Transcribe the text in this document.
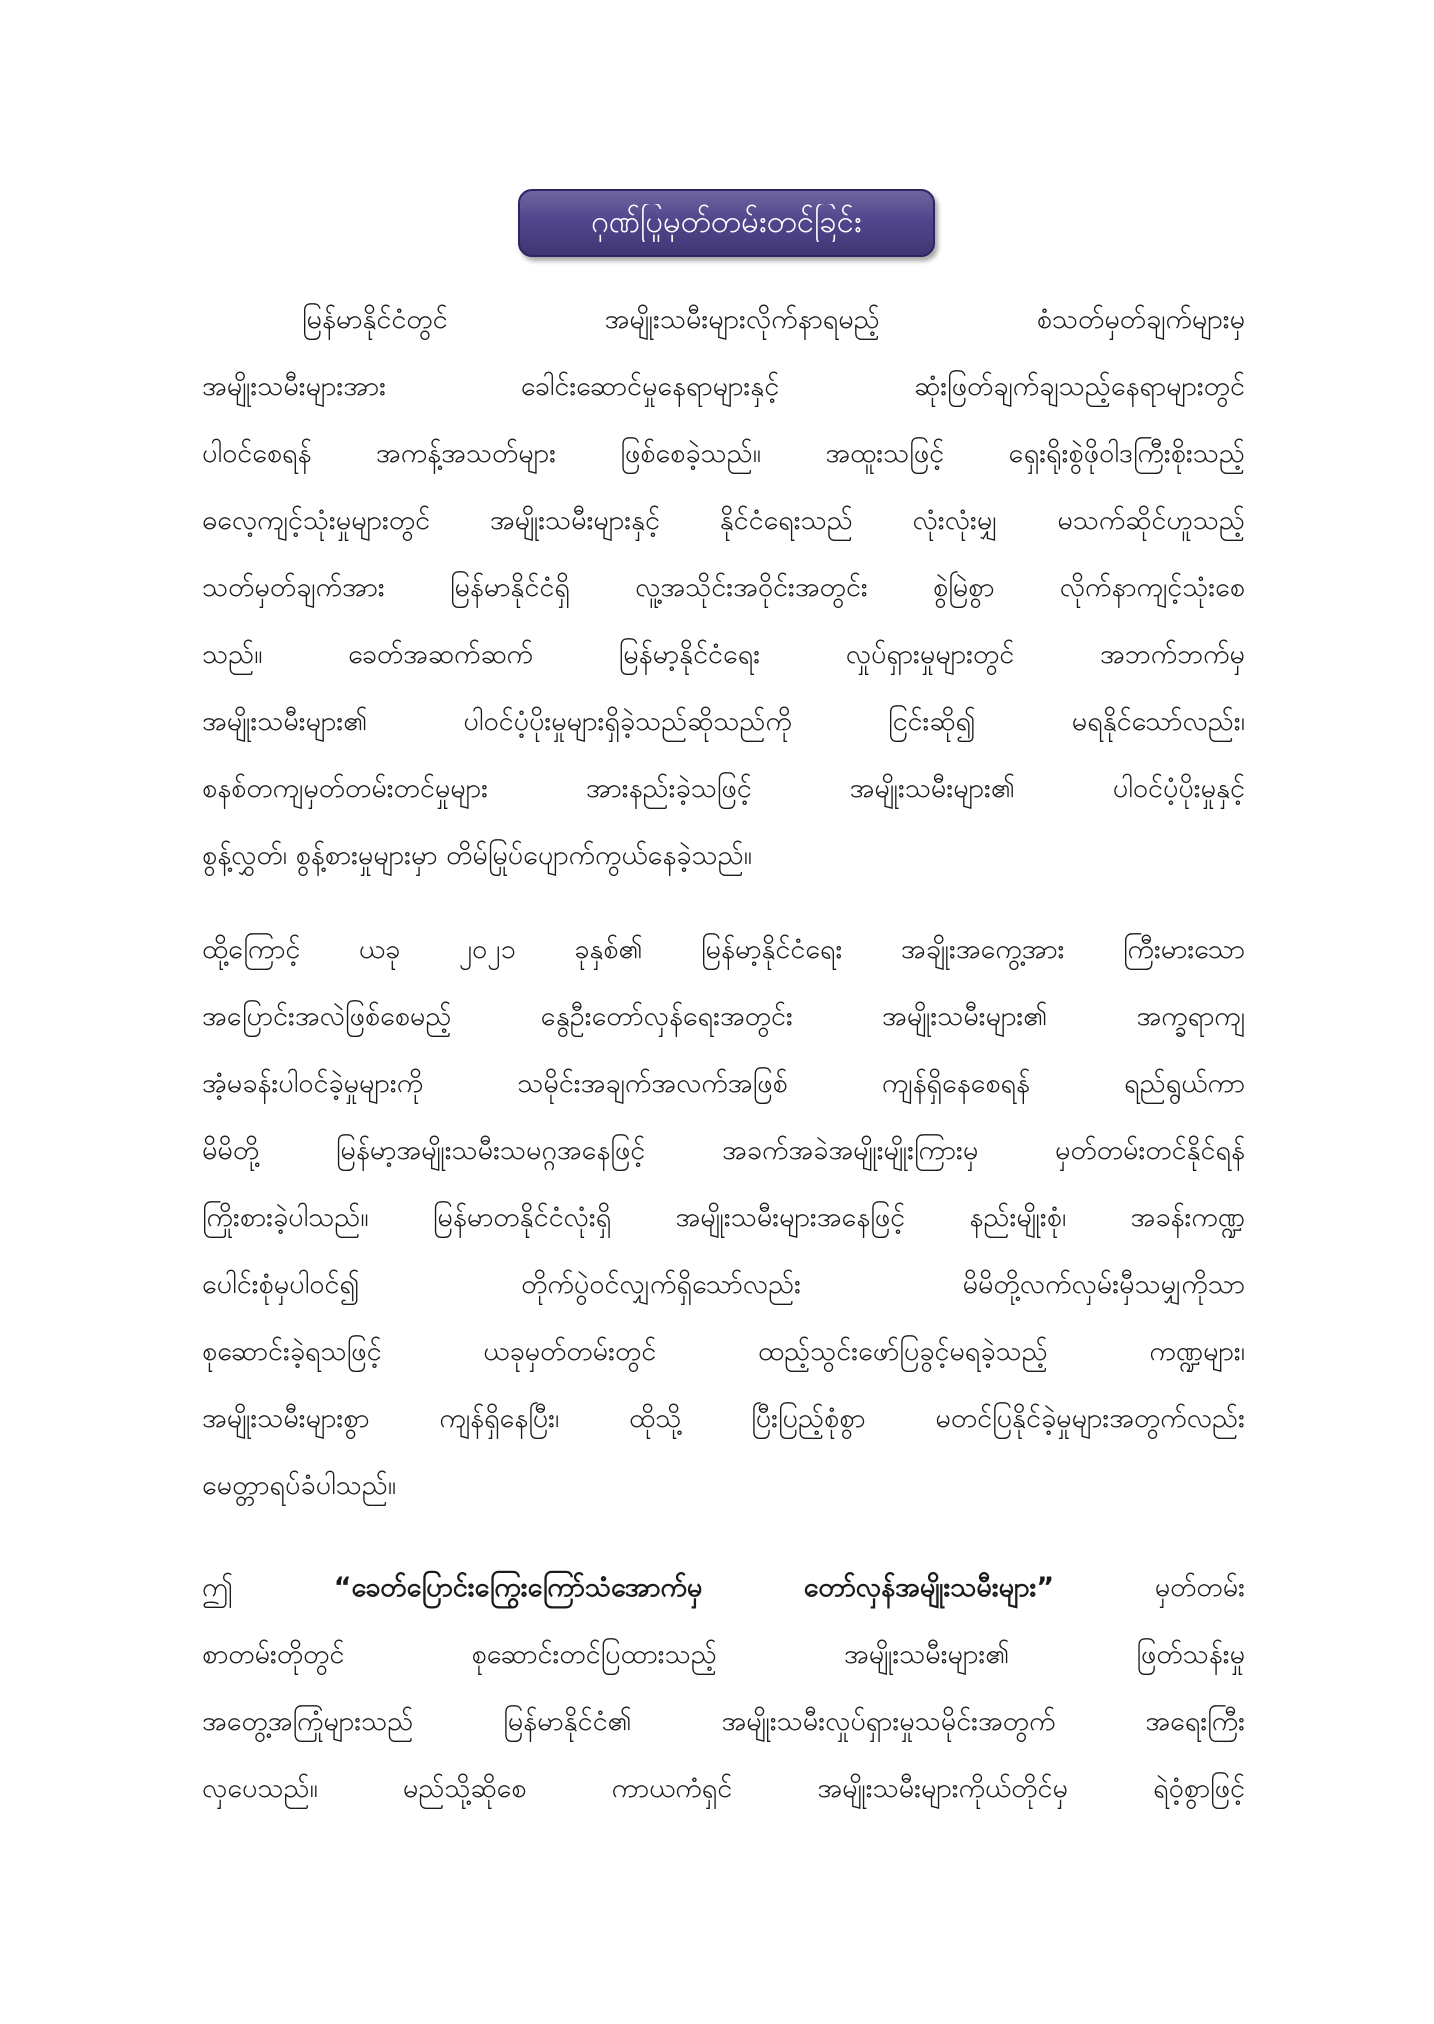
ဂုဏ်ပြုမှတ်တမ်းတင်ခြင်း
မြန်မာနိုင်ငံတွင် အမျိုးသမီးများလိုက်နာရမည့် စံသတ်မှတ်ချက်များမှ
အမျိုးသမီးများအား ခေါင်းဆောင်မှုနေရာများနှင့် ဆုံးဖြတ်ချက်ချသည့်နေရာများတွင်
ပါဝင်စေရန် အကန့်အသတ်များ ဖြစ်စေခဲ့သည်။ အထူးသဖြင့် ရှေးရိုးစွဲဖိုဝါဒကြီးစိုးသည့်
ဓလေ့ကျင့်သုံးမှုများတွင် အမျိုးသမီးများနှင့် နိုင်ငံရေးသည် လုံးလုံးမျှ မသက်ဆိုင်ဟူသည့်
သတ်မှတ်ချက်အား မြန်မာနိုင်ငံရှိ လူ့အသိုင်းအဝိုင်းအတွင်း စွဲမြဲစွာ လိုက်နာကျင့်သုံးစေ
သည်။ ခေတ်အဆက်ဆက် မြန်မာ့နိုင်ငံရေး လှုပ်ရှားမှုများတွင် အဘက်ဘက်မှ
အမျိုးသမီးများ၏ ပါဝင်ပံ့ပိုးမှုများရှိခဲ့သည်ဆိုသည်ကို ငြင်းဆို၍ မရနိုင်သော်လည်း၊
စနစ်တကျမှတ်တမ်းတင်မှုများ အားနည်းခဲ့သဖြင့် အမျိုးသမီးများ၏ ပါဝင်ပံ့ပိုးမှုနှင့်
စွန့်လွှတ်၊ စွန့်စားမှုများမှာ တိမ်မြုပ်ပျောက်ကွယ်နေခဲ့သည်။
ထို့ကြောင့် ယခု ၂၀၂၁ ခုနှစ်၏ မြန်မာ့နိုင်ငံရေး အချိုးအကွေ့အား ကြီးမားသော
အပြောင်းအလဲဖြစ်စေမည့် နွေဦးတော်လှန်ရေးအတွင်း အမျိုးသမီးများ၏ အက္ခရာကျ
အံ့မခန်းပါဝင်ခဲ့မှုများကို သမိုင်းအချက်အလက်အဖြစ် ကျန်ရှိနေစေရန် ရည်ရွယ်ကာ
မိမိတို့ မြန်မာ့အမျိုးသမီးသမဂ္ဂအနေဖြင့် အခက်အခဲအမျိုးမျိုးကြားမှ မှတ်တမ်းတင်နိုင်ရန်
ကြိုးစားခဲ့ပါသည်။ မြန်မာတနိုင်ငံလုံးရှိ အမျိုးသမီးများအနေဖြင့် နည်းမျိုးစုံ၊ အခန်းကဏ္ဍ
ပေါင်းစုံမှပါဝင်၍ တိုက်ပွဲဝင်လျှက်ရှိသော်လည်း မိမိတို့လက်လှမ်းမှီသမျှကိုသာ
စုဆောင်းခဲ့ရသဖြင့် ယခုမှတ်တမ်းတွင် ထည့်သွင်းဖော်ပြခွင့်မရခဲ့သည့် ကဏ္ဍများ၊
အမျိုးသမီးများစွာ ကျန်ရှိနေပြီး၊ ထိုသို့ ပြီးပြည့်စုံစွာ မတင်ပြနိုင်ခဲ့မှုများအတွက်လည်း
မေတ္တာရပ်ခံပါသည်။
ဤ	“ခေတ်ပြောင်းကြွေးကြော်သံအောက်မှ တော်လှန်အမျိုးသမီးများ”	မှတ်တမ်း
စာတမ်းတိုတွင် စုဆောင်းတင်ပြထားသည့် အမျိုးသမီးများ၏ ဖြတ်သန်းမှု
အတွေ့အကြုံများသည် မြန်မာနိုင်ငံ၏ အမျိုးသမီးလှုပ်ရှားမှုသမိုင်းအတွက် အရေးကြီး
လှပေသည်။ မည်သို့ဆိုစေ ကာယကံရှင် အမျိုးသမီးများကိုယ်တိုင်မှ ရဲဝံ့စွာဖြင့်
